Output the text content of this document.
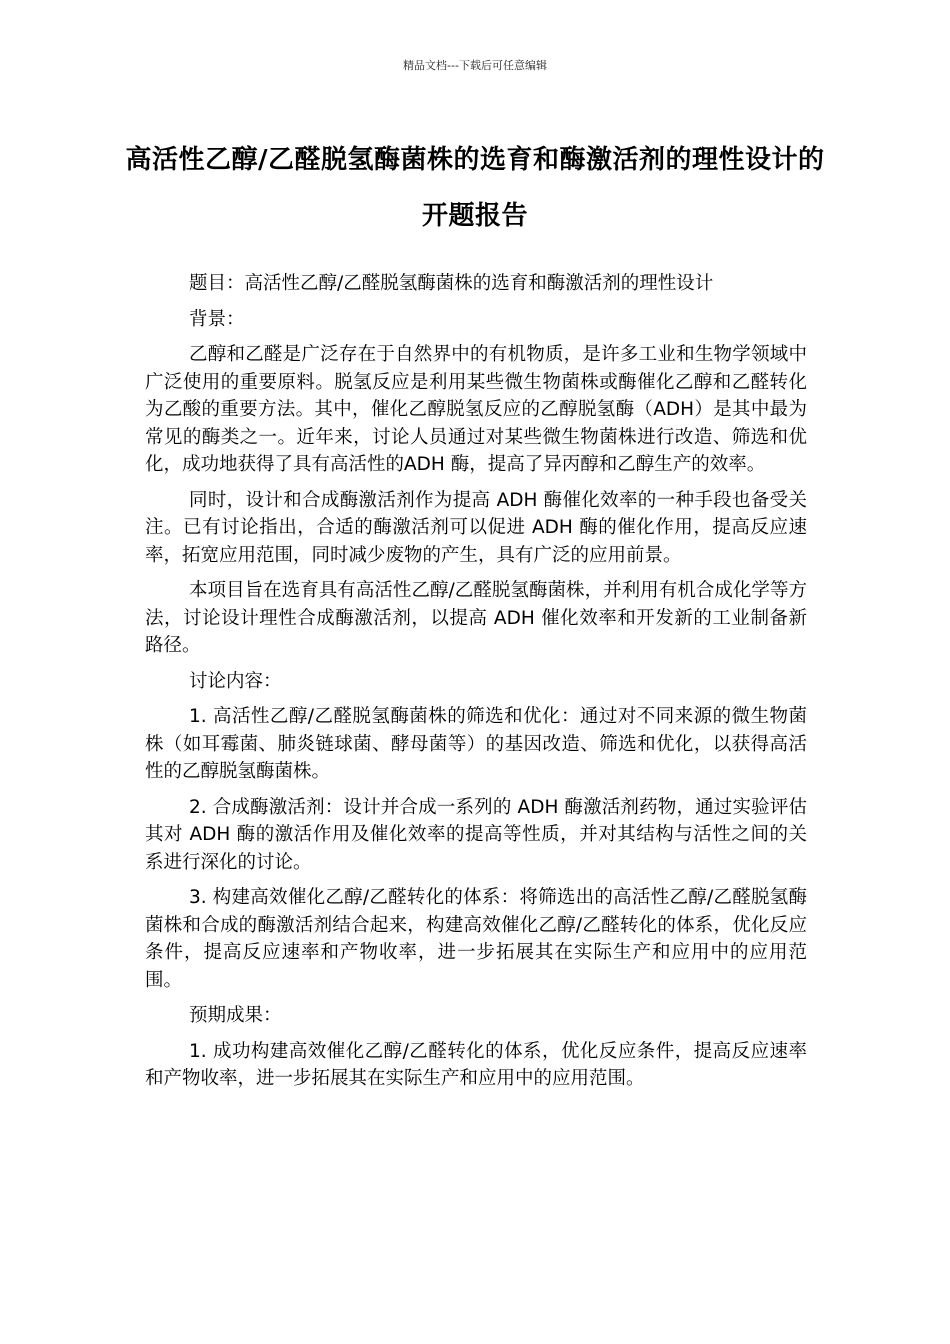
精品文档---下载后可任意编辑
高活性乙醇/乙醛脱氢酶菌株的选育和酶激活剂的理性设计的开题报告

题目：高活性乙醇/乙醛脱氢酶菌株的选育和酶激活剂的理性设计

背景：

乙醇和乙醛是广泛存在于自然界中的有机物质，是许多工业和生物学领域中广泛使用的重要原料。脱氢反应是利用某些微生物菌株或酶催化乙醇和乙醛转化为乙酸的重要方法。其中，催化乙醇脱氢反应的乙醇脱氢酶（ADH）是其中最为常见的酶类之一。近年来，讨论人员通过对某些微生物菌株进行改造、筛选和优化，成功地获得了具有高活性的ADH 酶，提高了异丙醇和乙醇生产的效率。

同时，设计和合成酶激活剂作为提高 ADH 酶催化效率的一种手段也备受关注。已有讨论指出，合适的酶激活剂可以促进 ADH 酶的催化作用，提高反应速率，拓宽应用范围，同时减少废物的产生，具有广泛的应用前景。

本项目旨在选育具有高活性乙醇/乙醛脱氢酶菌株，并利用有机合成化学等方法，讨论设计理性合成酶激活剂，以提高 ADH 催化效率和开发新的工业制备新路径。

讨论内容：

1. 高活性乙醇/乙醛脱氢酶菌株的筛选和优化：通过对不同来源的微生物菌株（如耳霉菌、肺炎链球菌、酵母菌等）的基因改造、筛选和优化，以获得高活性的乙醇脱氢酶菌株。

2. 合成酶激活剂：设计并合成一系列的 ADH 酶激活剂药物，通过实验评估其对 ADH 酶的激活作用及催化效率的提高等性质，并对其结构与活性之间的关系进行深化的讨论。

3. 构建高效催化乙醇/乙醛转化的体系：将筛选出的高活性乙醇/乙醛脱氢酶菌株和合成的酶激活剂结合起来，构建高效催化乙醇/乙醛转化的体系，优化反应条件，提高反应速率和产物收率，进一步拓展其在实际生产和应用中的应用范围。

预期成果：

1. 成功构建高效催化乙醇/乙醛转化的体系，优化反应条件，提高反应速率和产物收率，进一步拓展其在实际生产和应用中的应用范围。
